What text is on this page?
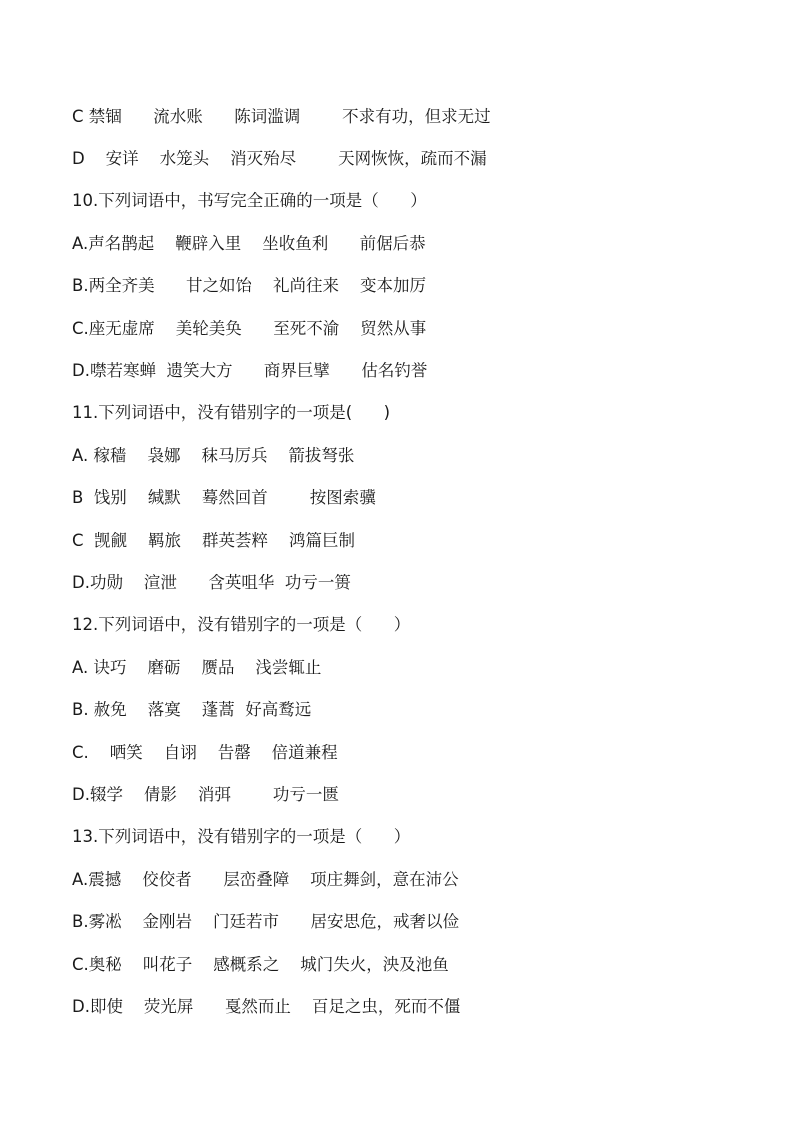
C 禁锢      流水账      陈词滥调        不求有功，但求无过
D    安详    水笼头    消灭殆尽        天网恢恢，疏而不漏
10.下列词语中，书写完全正确的一项是（      ）
A.声名鹊起    鞭辟入里    坐收鱼利      前倨后恭
B.两全齐美      甘之如饴    礼尚往来    变本加厉
C.座无虚席    美轮美奂      至死不渝    贸然从事
D.噤若寒蝉  遗笑大方      商界巨擘      估名钓誉
11.下列词语中，没有错别字的一项是(      )
A. 稼穑    袅娜    秣马厉兵    箭拔弩张
B  饯别    缄默    蓦然回首        按图索骥
C  觊觎    羁旅    群英荟粹    鸿篇巨制
D.功勋    渲泄      含英咀华  功亏一篑
12.下列词语中，没有错别字的一项是（      ）
A. 诀巧    磨砺    赝品    浅尝辄止
B. 赦免    落寞    蓬蒿  好高鹜远
C.    哂笑    自诩    告罄    倍道兼程
D.辍学    倩影    消弭        功亏一匮
13.下列词语中，没有错别字的一项是（      ）
A.震撼    佼佼者      层峦叠障    项庄舞剑，意在沛公
B.雾凇    金刚岩    门廷若市      居安思危，戒奢以俭
C.奥秘    叫花子    感概系之    城门失火，泱及池鱼
D.即使    荧光屏      戛然而止    百足之虫，死而不僵
